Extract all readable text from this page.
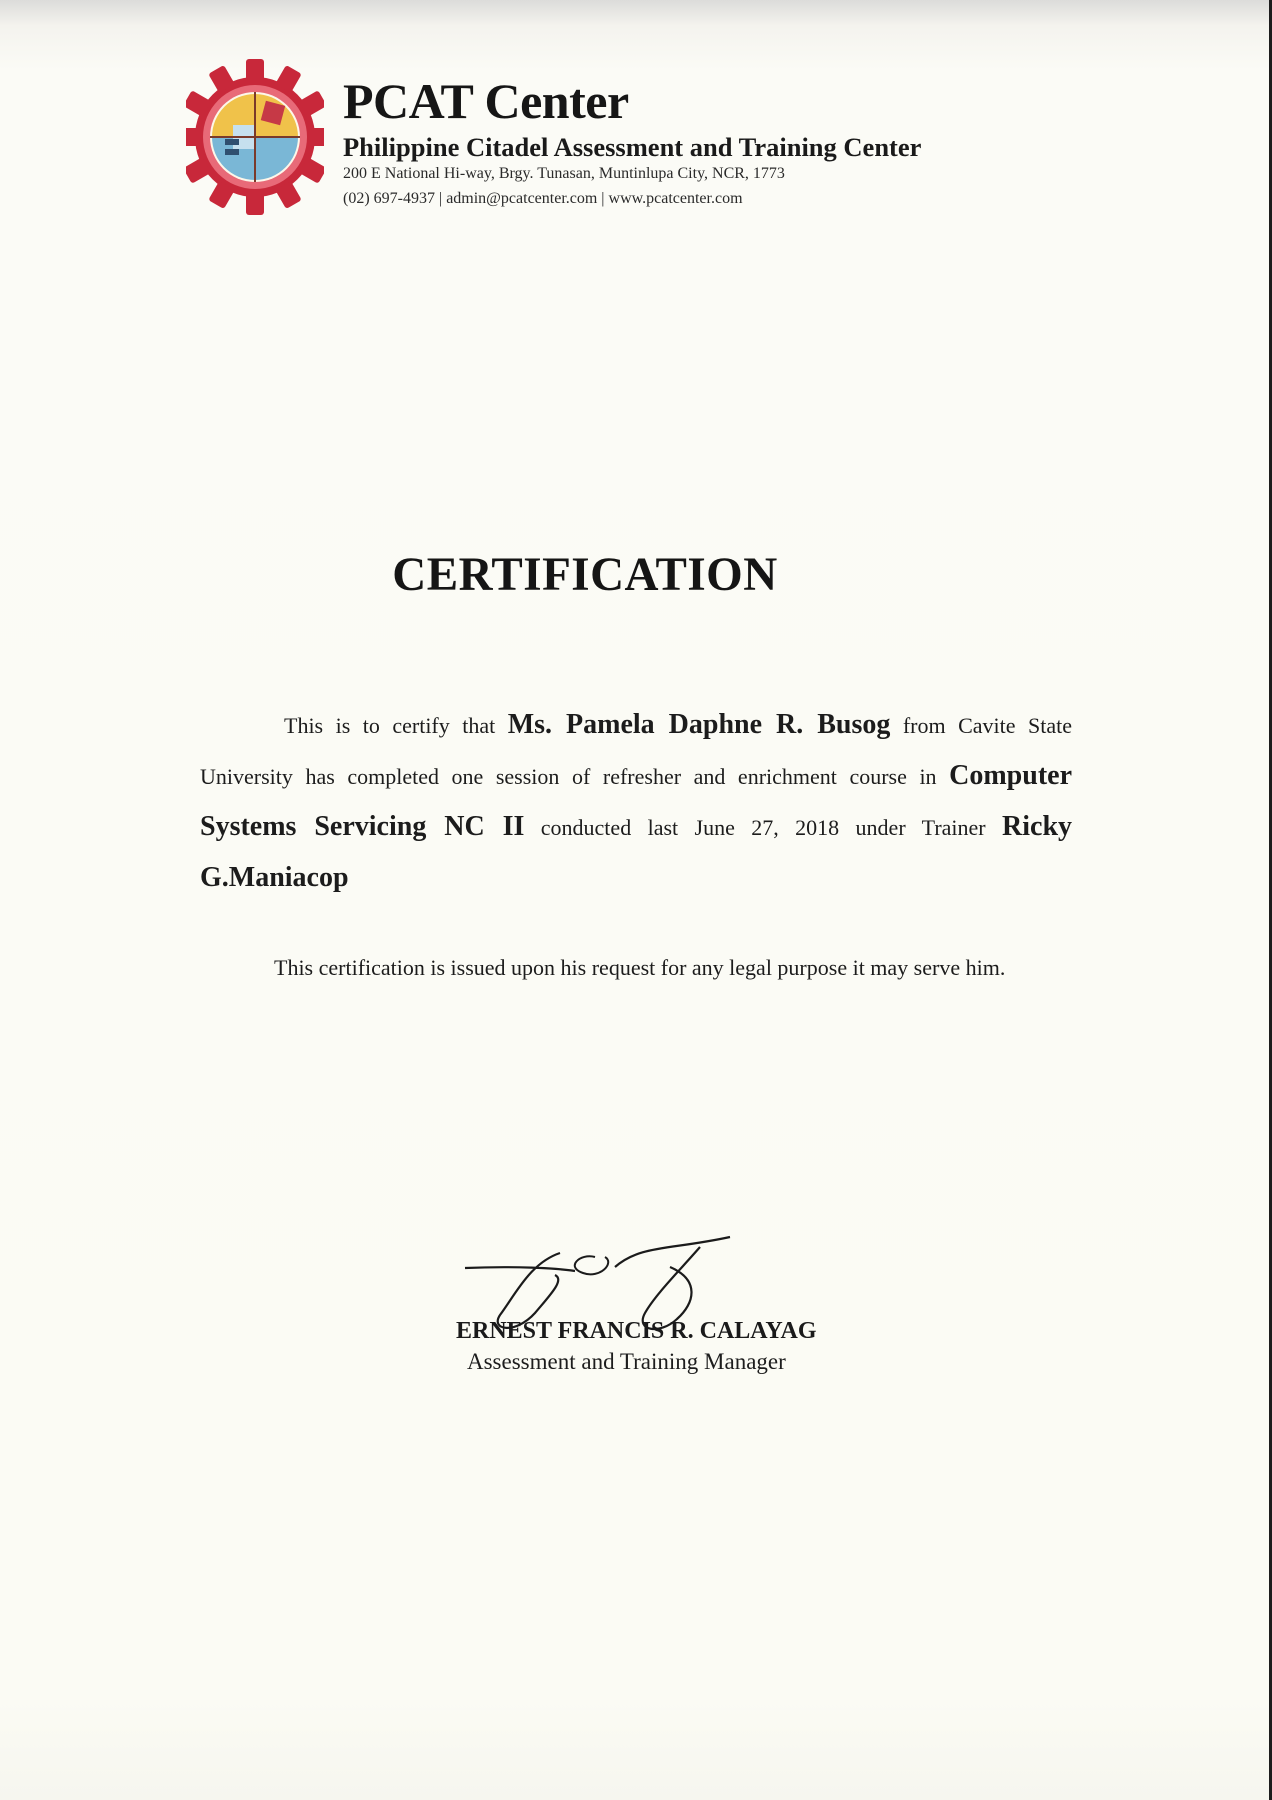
PCAT Center
Philippine Citadel Assessment and Training Center
200 E National Hi-way, Brgy. Tunasan, Muntinlupa City, NCR, 1773
(02) 697-4937 | admin@pcatcenter.com | www.pcatcenter.com
CERTIFICATION
This is to certify that Ms. Pamela Daphne R. Busog from Cavite State University has completed one session of refresher and enrichment course in Computer Systems Servicing NC II conducted last June 27, 2018 under Trainer Ricky G.Maniacop
This certification is issued upon his request for any legal purpose it may serve him.
ERNEST FRANCIS R. CALAYAG
Assessment and Training Manager
